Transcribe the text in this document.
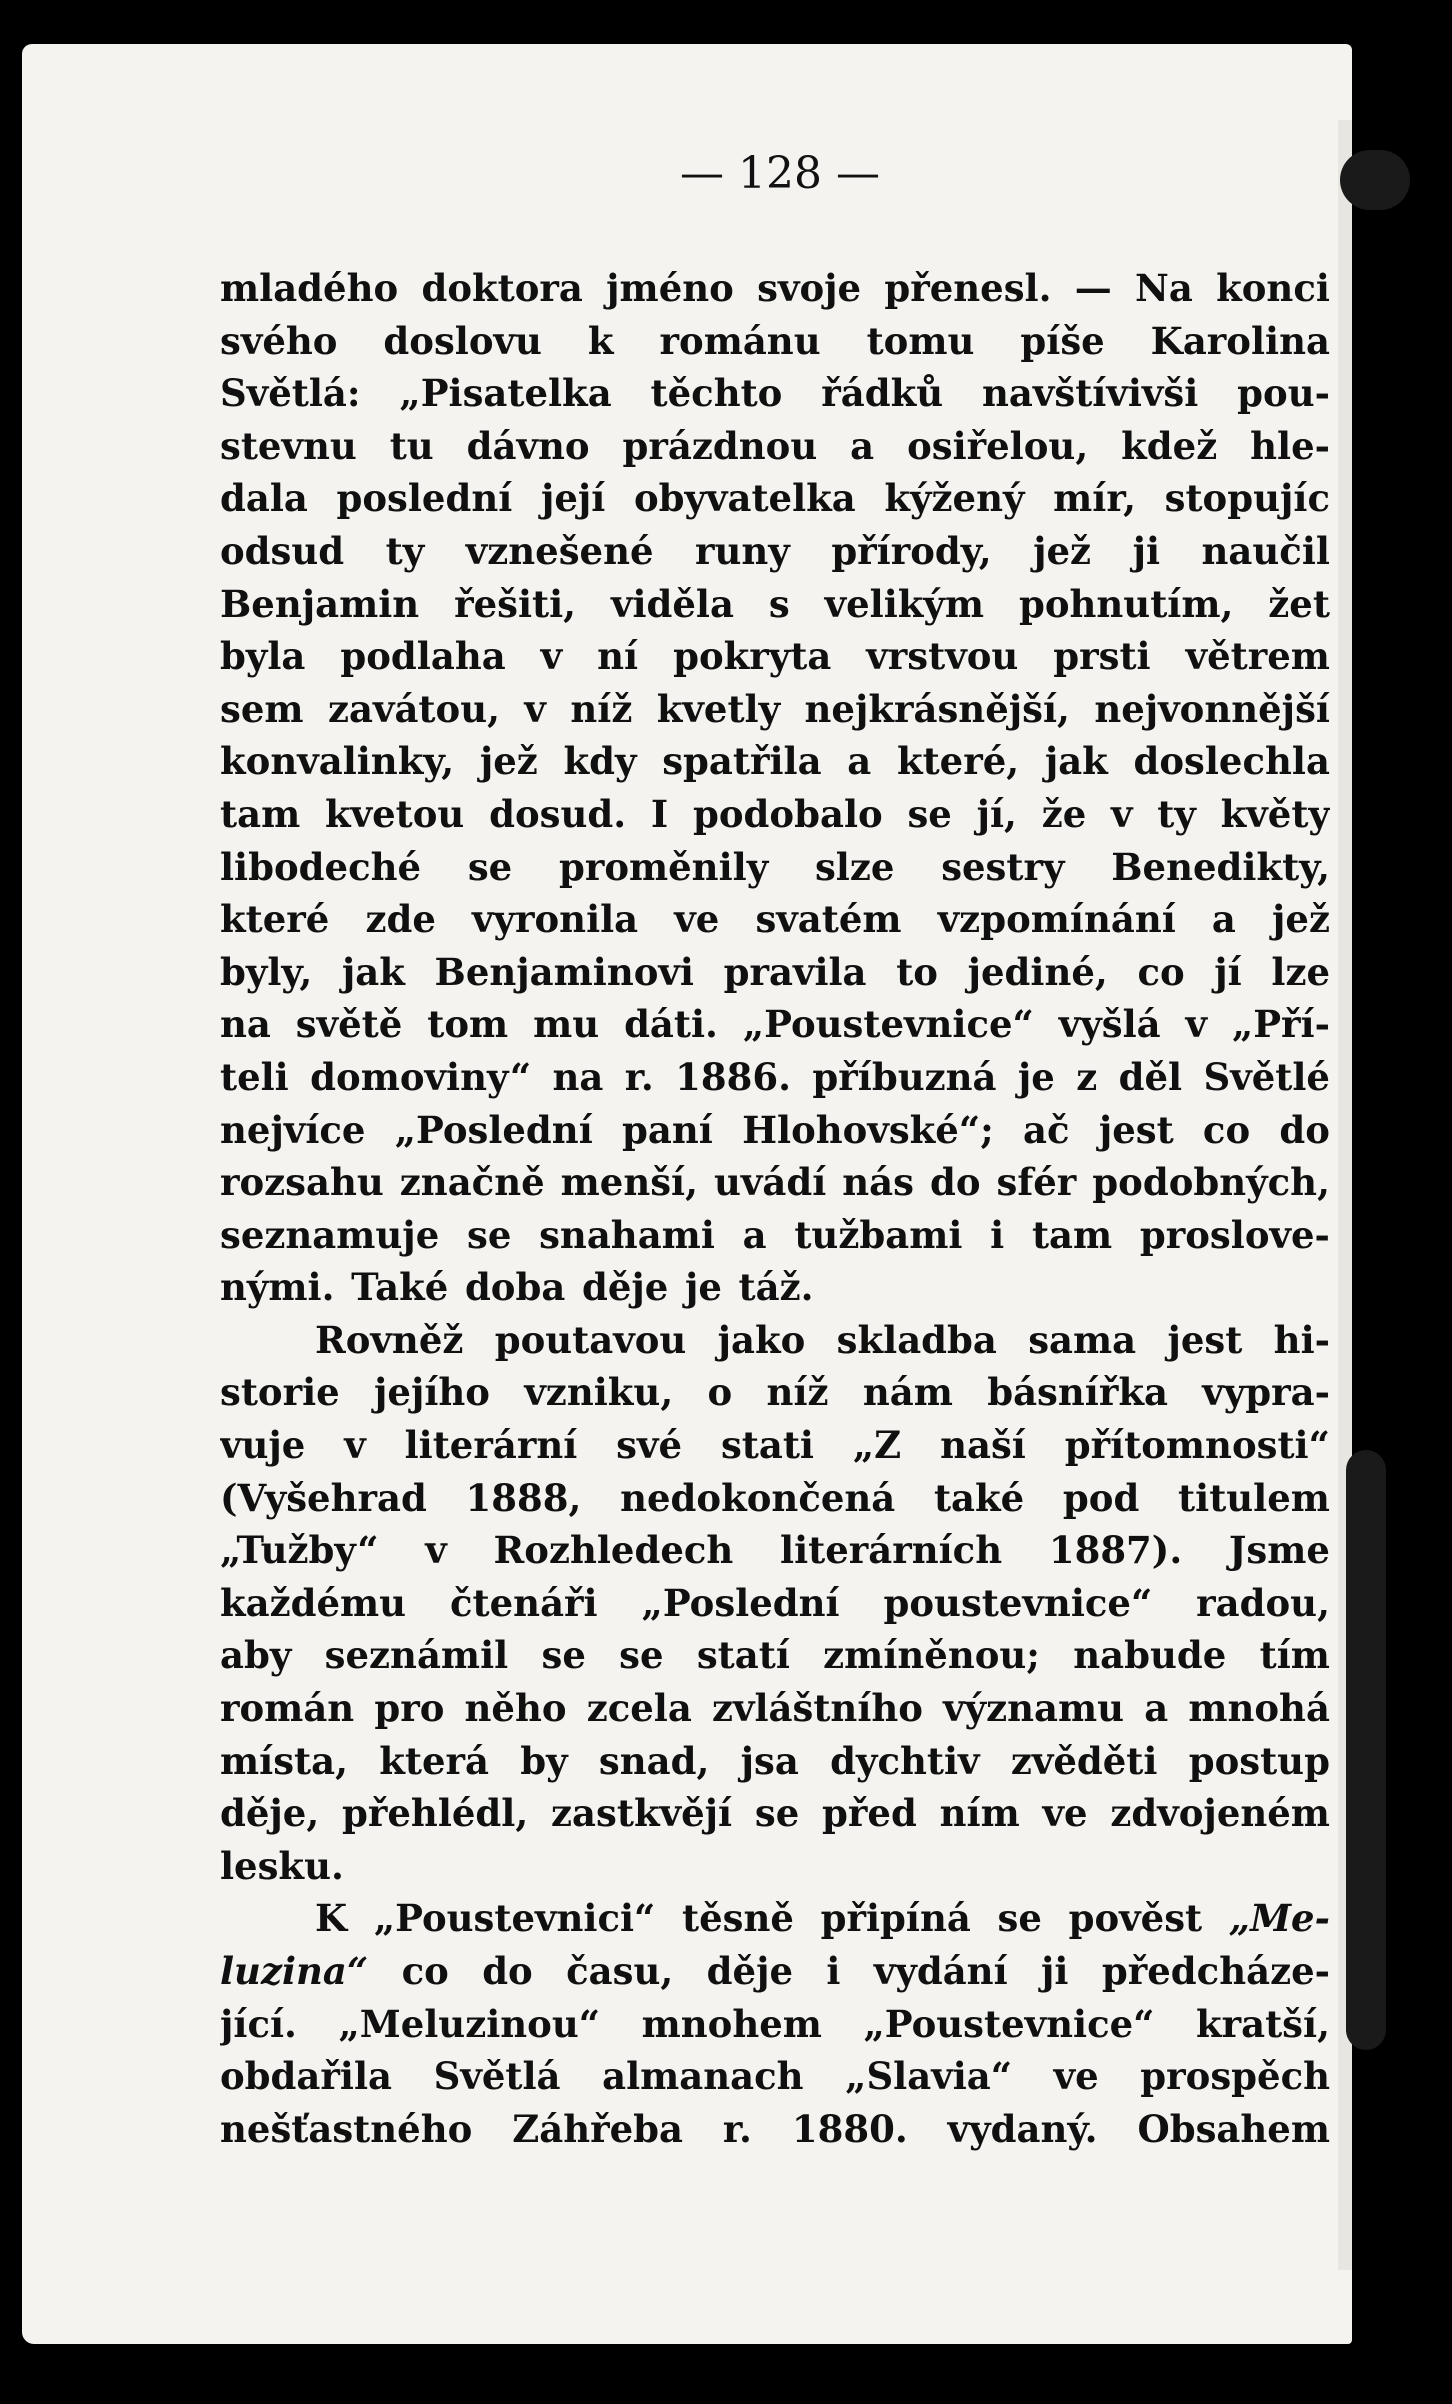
— 128 —
mladého doktora jméno svoje přenesl. — Na konci
svého doslovu k románu tomu píše Karolina
Světlá: „Pisatelka těchto řádků navštívivši pou-
stevnu tu dávno prázdnou a osiřelou, kdež hle-
dala poslední její obyvatelka kýžený mír, stopujíc
odsud ty vznešené runy přírody, jež ji naučil
Benjamin řešiti, viděla s velikým pohnutím, žet
byla podlaha v ní pokryta vrstvou prsti větrem
sem zavátou, v níž kvetly nejkrásnější, nejvonnější
konvalinky, jež kdy spatřila a které, jak doslechla
tam kvetou dosud. I podobalo se jí, že v ty květy
libodeché se proměnily slze sestry Benedikty,
které zde vyronila ve svatém vzpomínání a jež
byly, jak Benjaminovi pravila to jediné, co jí lze
na světě tom mu dáti. „Poustevnice“ vyšlá v „Pří-
teli domoviny“ na r. 1886. příbuzná je z děl Světlé
nejvíce „Poslední paní Hlohovské“; ač jest co do
rozsahu značně menší, uvádí nás do sfér podobných,
seznamuje se snahami a tužbami i tam proslove-
nými. Také doba děje je táž.
Rovněž poutavou jako skladba sama jest hi-
storie jejího vzniku, o níž nám básnířka vypra-
vuje v literární své stati „Z naší přítomnosti“
(Vyšehrad 1888, nedokončená také pod titulem
„Tužby“ v Rozhledech literárních 1887). Jsme
každému čtenáři „Poslední poustevnice“ radou,
aby seznámil se se statí zmíněnou; nabude tím
román pro něho zcela zvláštního významu a mnohá
místa, která by snad, jsa dychtiv zvěděti postup
děje, přehlédl, zastkvějí se před ním ve zdvojeném
lesku.
K „Poustevnici“ těsně připíná se pověst „Me-
luzina“ co do času, děje i vydání ji předcháze-
jící. „Meluzinou“ mnohem „Poustevnice“ kratší,
obdařila Světlá almanach „Slavia“ ve prospěch
nešťastného Záhřeba r. 1880. vydaný. Obsahem
